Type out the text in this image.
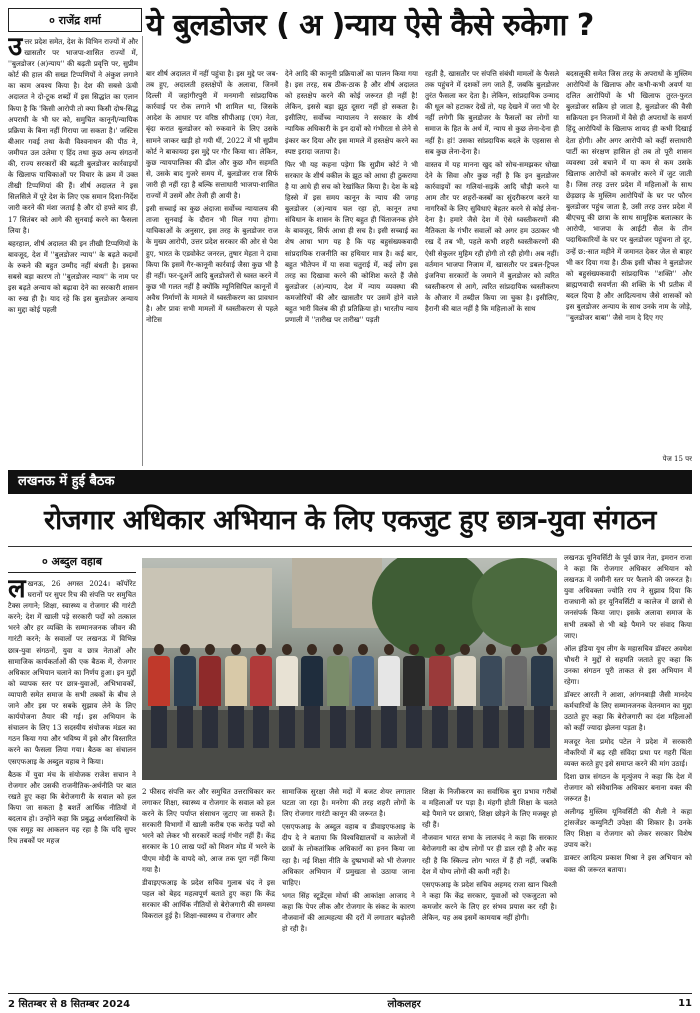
० राजेंद्र शर्मा	ये बुलडोजर ( अ )न्याय ऐसे कैसे रुकेगा ?

उत्तर प्रदेश समेत, देश के विभिन राज्यों में और खासतौर पर भाजपा-शासित राज्यों में, ''बुलडोजर (अ)न्याय'' की बढ़ती प्रवृत्ति पर, सुप्रीम कोर्ट की हाल की सख्त टिप्पणियों ने अंकुश लगाने का काम अवश्य किया है। देश की सबसे ऊंची अदालत ने दो-टूक शब्दों में इस सिद्धांत का एलान किया है कि 'किसी आरोपी तो क्या किसी दोष-सिद्ध अपराधी के भी घर को, समुचित कानूनी/न्यायिक प्रक्रिया के बिना नहीं गिराया जा सकता है।' जस्टिस बीआर गवई तथा केवी विश्वनाथन की पीठ ने, जमीयत उल उलेमा ए हिंद तथा कुछ अन्य संगठनों की, राज्य सरकारों की बढ़ती बुलडोजर कार्रवाइयों के खिलाफ याचिकाओं पर विचार के क्रम में उक्त तीखी टिप्पणियां की हैं। शीर्ष अदालत ने इस सिलसिले में पूरे देश के लिए एक समान दिशा-निर्देश जारी करने की मंशा जताई है और दो हफ्ते बाद ही, 17 सितंबर को आगे की सुनवाई करने का फैसला लिया है।

बहरहाल, शीर्ष अदालत की इन तीखी टिप्पणियों के बावजूद, देश में ''बुलडोजर न्याय'' के बढ़ते कदमों के रुकने की बहुत उम्मीद नहीं बंधती है। इसका सबसे बड़ा कारण तो ''बुलडोजर न्याय'' के नाम पर इस बढ़ते अन्याय को बढ़ावा देने का सरकारी शासन का रुख ही है। याद रहे कि इस बुलडोजर अन्याय का मुद्दा कोई पहली

बार शीर्ष अदालत में नहीं पहुंचा है। इस मुद्दे पर जब-तब हुए, अदालती हस्तक्षेपों के अलावा, जिनमें दिल्ली में जहांगीरपुरी में मनमानी सांप्रदायिक कार्रवाई पर रोक लगाने भी शामिल था, जिसके आदेश के आधार पर वरिष्ठ सीपीआइ (एम) नेता, बृंदा करात बुलडोजर को रुकवाने के लिए उसके सामने जाकर खड़ी हो गयी थीं, 2022 में भी सुप्रीम कोर्ट ने बाकायदा इस मुद्दे पर गौर किया था। लेकिन, कुछ न्यायपालिका की ढील और कुछ मौन सहमति से, उसके बाद गुजरे समय में, बुलडोजर राज सिर्फ जारी ही नहीं रहा है बल्कि सत्ताधारी भाजपा-शासित राज्यों में उसमें और तेजी ही आयी है।

इसी सच्चाई का कुछ अंदाजा सर्वोच्च न्यायालय की ताजा सुनवाई के दौरान भी मिल गया होगा। याचिकाओं के अनुसार, इस तरह के बुलडोजर राज के मुख्य आरोपी, उत्तर प्रदेश सरकार की ओर से पेश हुए, भारत के एडवोकेट जनरल, तुषार मेहता ने दावा किया कि इसमें गैर-कानूनी कार्रवाई जैसा कुछ भी है ही नहीं। फर-दूअर्ने आदि बुलडोजरों से ध्वस्त करने में कुछ भी गलत नहीं है क्योंकि म्यूनिसिपिल कानूनों में अवैध निर्माणों के मामले में ध्वस्तीकरण का प्रावधान है। और प्रावः सभी मामलों में ध्वस्तीकरण से पहले नोटिस

देने आदि की कानूनी प्रक्रियाओं का पालन किया गया है। इस तरह, सब ठीक-ठाक है और शीर्ष अदालत को हस्तक्षेप करने की कोई जरूरत ही नहीं है! लेकिन, इससे बड़ा झूठ दूसरा नहीं हो सकता है। इसीलिए, सर्वोच्च न्यायालय ने सरकार के शीर्ष न्यायिक अधिकारी के इन दावों को गंभीरता से लेने से इंकार कर दिया और इस मामले में हस्तक्षेप करने का स्पष्ट इरादा जताया है।

फिर भी यह कहना पड़ेगा कि सुप्रीम कोर्ट ने भी सरकार के शीर्ष वकील के झूठ को आधा ही ठुकराया है या आधे ही सच को रेखांकित किया है। देश के बड़े हिस्से में इस समय कानून के न्याय की जगह बुलडोजर (अ)न्याय चल रहा हो, कानून तथा संविधान के शासन के लिए बहुत ही चिंताजनक होने के बावजूद, सिर्फ आधा ही सच है। इसी सच्चाई का शेष आधा भाग यह है कि यह बहुसंख्यकवादी सांप्रदायिक राजनीति का हथियार मात्र है। कई बार, बहुत भीतेपन में या सवा चतुराई में, कई लोग इस तरह का दिखावा करने की कोशिश करते हैं जैसे बुलडोजर (अ)न्याय, देश में न्याय व्यवस्था की कमजोरियों की और खासतौर पर उसमें होने वाले बहुत भारी विलंब की ही प्रतिक्रिया हो। भारतीय न्याय प्रणाली में ''तारीख पर तारीख'' पड़ती

रहती है, खासतौर पर संपत्ति संबंधी मामलों के फैसले तक पहुंचने में दशकों लग जाते हैं, जबकि बुलडोजर तुरंत फैसला कर देता है। लेकिन, सांप्रदायिक उन्माद की धूल को हटाकर देखें तो, यह देखने में जरा भी देर नहीं लगेगी कि बुलडोजर के फैसलों का लोगों या समाज के हित के अर्थ में, न्याय से कुछ लेना-देना ही नहीं है। हां! उसका सांप्रदायिक बदले के एहसास से सब कुछ लेना-देना है।

वास्तव में यह मानना खुद को सोच-समझकर धोखा देने के सिवा और कुछ नहीं है कि इन बुलडोजर कार्रवाइयों का गलियां-सड़कें आदि चौड़ी करने या आम तौर पर शहरों-कस्बों का सुंदरीकरण करने या नागरिकों के लिए सुविधाएं बेहतर करने से कोई लेना-देना है। हमारे जैसे देश में ऐसे ध्वस्तीकरणों की नैतिकता के गंभीर सवालों को अगर हम उठाकर भी रख दें तब भी, पहले कभी शहरी ध्वस्तीकरणों की ऐसी सेकुलर मुहिम रही होगी तो रही होगी। अब नहीं। वर्तमान भाजपा निजाम में, खासतौर पर डबल-ट्रिपल इंजनिया सरकारों के जमाने में बुलडोजर को त्वरित ध्वस्तीकरण से आगे, त्वरित सांप्रदायिक ध्वस्तीकरण के औजार में तब्दील किया जा चुका है। इसीलिए, हैरानी की बात नहीं है कि महिलाओं के साथ

बदसलूकी समेत जिस तरह के अपराधों के मुस्लिम आरोपियों के खिलाफ और कभी-कभी अवर्ण या दलित आरोपियों के भी खिलाफ तुरत-फुरत बुलडोजर सक्रिय हो जाता है, बुलडोजर की वैसी सक्रियता इन निजामों में वैसे ही अपराधों के सवर्ण हिंदू आरोपियों के खिलाफ शायद ही कभी दिखाई देता होगी। और अगर आरोपी को कहीं सत्ताधारी पार्टी का संरक्षण हासिल हो तब तो पूरी शासन व्यवस्था उसे बचाने में या कम से कम उसके खिलाफ आरोपों को कमजोर करने में जुट जाती है। जिस तरह उत्तर प्रदेश में महिलाओं के साथ छेड़छाड़ के मुस्लिम आरोपियों के घर पर फौरन बुलडोजर पहुंच जाता है, उसी तरह उत्तर प्रदेश में बीएचयू की छात्रा के साथ सामूहिक बलात्कार के आरोपी, भाजपा के आईटी सैल के तीन पदाधिकारियों के घर पर बुलडोजर पहुंचना तो दूर, उन्हें छ:-सात महीने में जमानत देकर जेल से बाहर भी कर दिया गया है। ठीक इसी चौका ने बुलडोजर को बहुसंख्यकवादी सांप्रदायिक ''शक्ति'' और ब्राह्मणवादी सवर्णता की शक्ति के भी प्रतीक में बदल दिया है और आदित्यनाथ जैसे शासकों को इस बुलडोजर अन्याय के साथ उनके नाम के जोड़े, ''बुलडोजर बाबा'' जैसे नाम दे दिए गए

पेज 15 पर
लखनऊ में हुई बैठक
रोजगार अधिकार अभियान के लिए एकजुट हुए छात्र-युवा संगठन
० अब्दुल वहाब

लखनऊ, 26 अगस्त 2024। कॉर्पोरेट घरानों पर सुपर रिच की संपत्ति पर समुचित टैक्स लगाने; शिक्षा, स्वास्थ्य व रोजगार की गारंटी करने; देश में खाली पड़े सरकारी पदों को तत्काल भरने और हर व्यक्ति के सम्मानजनक जीवन की गारंटी करने; के सवालों पर लखनऊ में विभिन्न छात्र-युवा संगठनों, युवा व छात्र नेताओं और सामाजिक कार्यकर्ताओं की एक बैठक में, रोजगार अधिकार अभियान चलाने का निर्णय हुआ। इन मुद्दों को व्यापक स्तर पर छात्र-युवाओं, अभिभावकों, व्यापारी समेत समाज के सभी तबकों के बीच ले जाने और इस पर सबके सुझाव लेने के लिए कार्ययोजना तैयार की गई। इस अभियान के संचालन के लिए 13 सदस्यीय संयोजक मंडल का गठन किया गया और भविष्य में इसे और विस्तारित करने का फैसला लिया गया। बैठक का संचालन एसएफआइ के अब्दुल वहाब ने किया।

बैठक में युवा मंच के संयोजक राजेश सचान ने रोजगार और उसकी राजनीतिक-अर्थनीति पर बात रखते हुए कहा कि बेरोजगारी के सवाल को हल किया जा सकता है बशर्ते आर्थिक नीतियों में बदलाव हो। उन्होंने कहा कि प्रबुद्ध अर्थशास्त्रियों के एक समूह का आकलन यह रहा है कि यदि सुपर रिच तबकों पर महज

2 फीसद संपत्ति कर और समुचित उत्तराधिकार कर लगाकर शिक्षा, स्वास्थ्य व रोजगार के सवाल को हल करने के लिए पर्याप्त संसाधन जुटाए जा सकते हैं। सरकारी विभागों में खाली करीब एक करोड़ पदों को भरने को लेकर भी सरकारें कतई गंभीर नहीं हैं। केंद्र सरकार के 10 लाख पदों को मिशन मोड में भरने के पीएम मोदी के वायदे को, आज तक पूरा नहीं किया गया है।

डीवाइएफआइ के प्रदेश सचिव गुलाब चंद ने इस पहल को बेहद महत्वपूर्ण बताते हुए कहा कि केंद्र सरकार की आर्थिक नीतियों से बेरोजगारी की समस्या विकराल हुई है। शिक्षा-स्वास्थ्य व रोजगार और

सामाजिक सुरक्षा जैसे मदों में बजट शेयर लगातार घटता जा रहा है। मनरेगा की तरह शहरी लोगों के लिए रोजगार गारंटी कानून की जरूरत है।

एसएफआइ के अब्दुल वहाब व डीवाइएफआइ के दीप दे ने बताया कि विश्वविद्यालयों व कालेजों में छात्रों के लोकतांत्रिक अधिकारों का हनन किया जा रहा है। नई शिक्षा नीति के दुष्प्रभावों को भी रोजगार अधिकार अभियान में प्रमुखता से उठाया जाना चाहिए।

भगत सिंह स्टूडेंट्स मोर्चा की आकांक्षा आजाद ने कहा कि पेपर लीक और रोजगार के संकट के कारण नौजवानों की आत्महत्या की दरों में लगातार बढ़ोतरी हो रही है।

शिक्षा के निजीकरण का सर्वाधिक बुरा प्रभाव गरीबों व महिलाओं पर पड़ा है। मंहगी होती शिक्षा के चलते बड़े पैमाने पर छात्राएं, शिक्षा छोड़ने के लिए मजबूर हो रही हैं।

नौजवान भारत सभा के लालचंद ने कहा कि सरकार बेरोजगारी का दोष लोगों पर ही डाल रही है और कह रही है कि स्किल्ड लोग भारत में हैं ही नहीं, जबकि देश में योग्य लोगों की कमी नहीं है।

एसएफआइ के प्रदेश सचिव अहमद राजा खान चिश्ती ने कहा कि केंद्र सरकार, युवाओं को एकजुटता को कमजोर करने के लिए हर संभव प्रयास कर रही है। लेकिन, यह अब इसमें कामयाब नहीं होगी।

लखनऊ यूनिवर्सिटी के पूर्व छात्र नेता, इमरान राजा ने कहा कि रोजगार अधिकार अभियान को लखनऊ में जमीनी स्तर पर फैलाने की जरूरत है। युवा अधिवक्ता ज्योति राय ने सुझाव दिया कि राजधानी को हर यूनिवर्सिटी व कालेज में छात्रों से जनसंपर्क किया जाए। इसके अलावा समाज के सभी तबकों से भी बड़े पैमाने पर संवाद किया जाए।

ऑल इंडिया यूथ लीग के महासचिव डॉक्टर अवधेश चौधरी ने मुद्दों से सहमति जताते हुए कहा कि उनका संगठन पूरी ताकत से इस अभियान में रहेगा।

डॉक्टर आरती ने आशा, आंगनबाड़ी जैसी मानदेय कर्मचारियों के लिए सम्मानजनक वेतनमान का मुद्दा उठाते हुए कहा कि बेरोजगारी का दंश महिलाओं को कहीं ज्यादा झेलना पड़ता है।

मजदूर नेता प्रमोद पटेल ने प्रदेश में सरकारी नौकरियों में बढ़ रही संविदा प्रथा पर गहरी चिंता व्यक्त करते हुए इसे समाप्त करने की मांग उठाई।

दिशा छात्र संगठन के मृत्युंजय ने कहा कि देश में रोजगार को संवैधानिक अधिकार बनाना वक्त की जरूरत है।

अलीगढ़ मुस्लिम यूनिवर्सिटी की शैली ने कहा ट्रांसजेंडर कम्युनिटी उपेक्षा की शिकार है। उनके लिए शिक्षा व रोजगार को लेकर सरकार विशेष उपाय करे।

डाक्टर आदित्य प्रकाश मिश्रा ने इस अभियान को वक्त की जरूरत बताया।

2 सितम्बर से 8 सितम्बर 2024	लोकलहर	11
